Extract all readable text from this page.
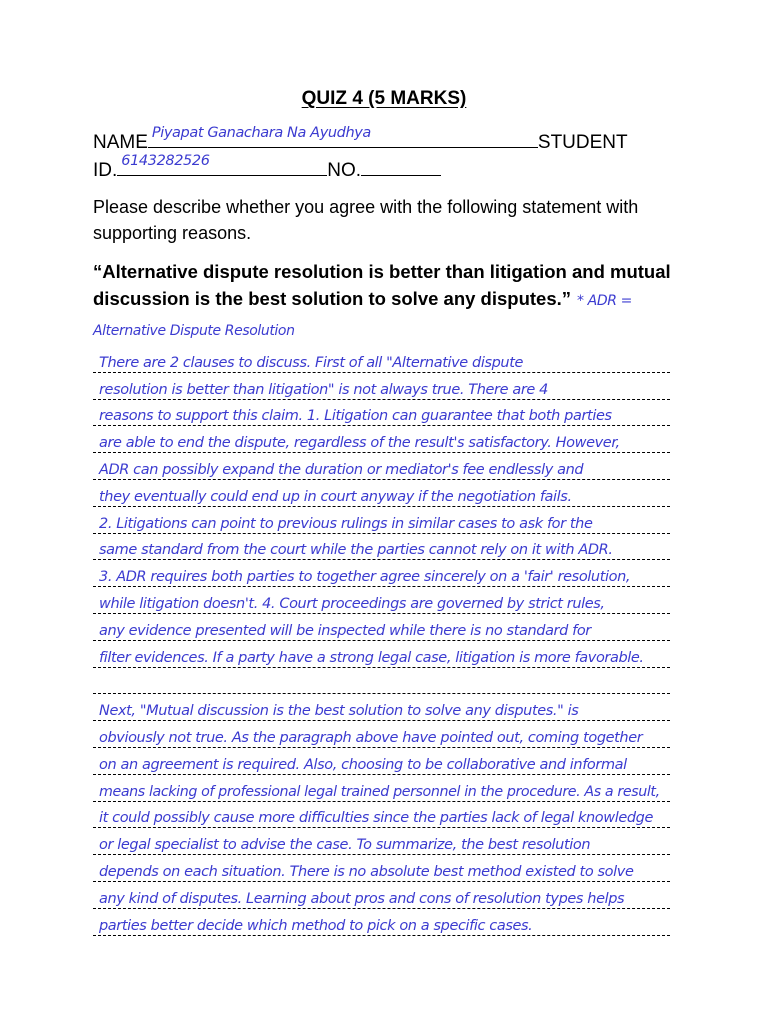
QUIZ 4 (5 MARKS)
NAME Piyapat Ganachara Na Ayudhya	STUDENT
ID. 6143282526	NO.
Please describe whether you agree with the following statement with supporting reasons.
“Alternative dispute resolution is better than litigation and mutual discussion is the best solution to solve any disputes.” * ADR = Alternative Dispute Resolution
There are 2 clauses to discuss. First of all "Alternative dispute
resolution is better than litigation" is not always true. There are 4
reasons to support this claim. 1. Litigation can guarantee that both parties
are able to end the dispute, regardless of the result's satisfactory. However,
ADR can possibly expand the duration or mediator's fee endlessly and
they eventually could end up in court anyway if the negotiation fails.
2. Litigations can point to previous rulings in similar cases to ask for the
same standard from the court while the parties cannot rely on it with ADR.
3. ADR requires both parties to together agree sincerely on a 'fair' resolution,
while litigation doesn't. 4. Court proceedings are governed by strict rules,
any evidence presented will be inspected while there is no standard for
filter evidences. If a party have a strong legal case, litigation is more favorable.
Next, "Mutual discussion is the best solution to solve any disputes." is
obviously not true. As the paragraph above have pointed out, coming together
on an agreement is required. Also, choosing to be collaborative and informal
means lacking of professional legal trained personnel in the procedure. As a result,
it could possibly cause more difficulties since the parties lack of legal knowledge
or legal specialist to advise the case. To summarize, the best resolution
depends on each situation. There is no absolute best method existed to solve
any kind of disputes. Learning about pros and cons of resolution types helps
parties better decide which method to pick on a specific cases.
